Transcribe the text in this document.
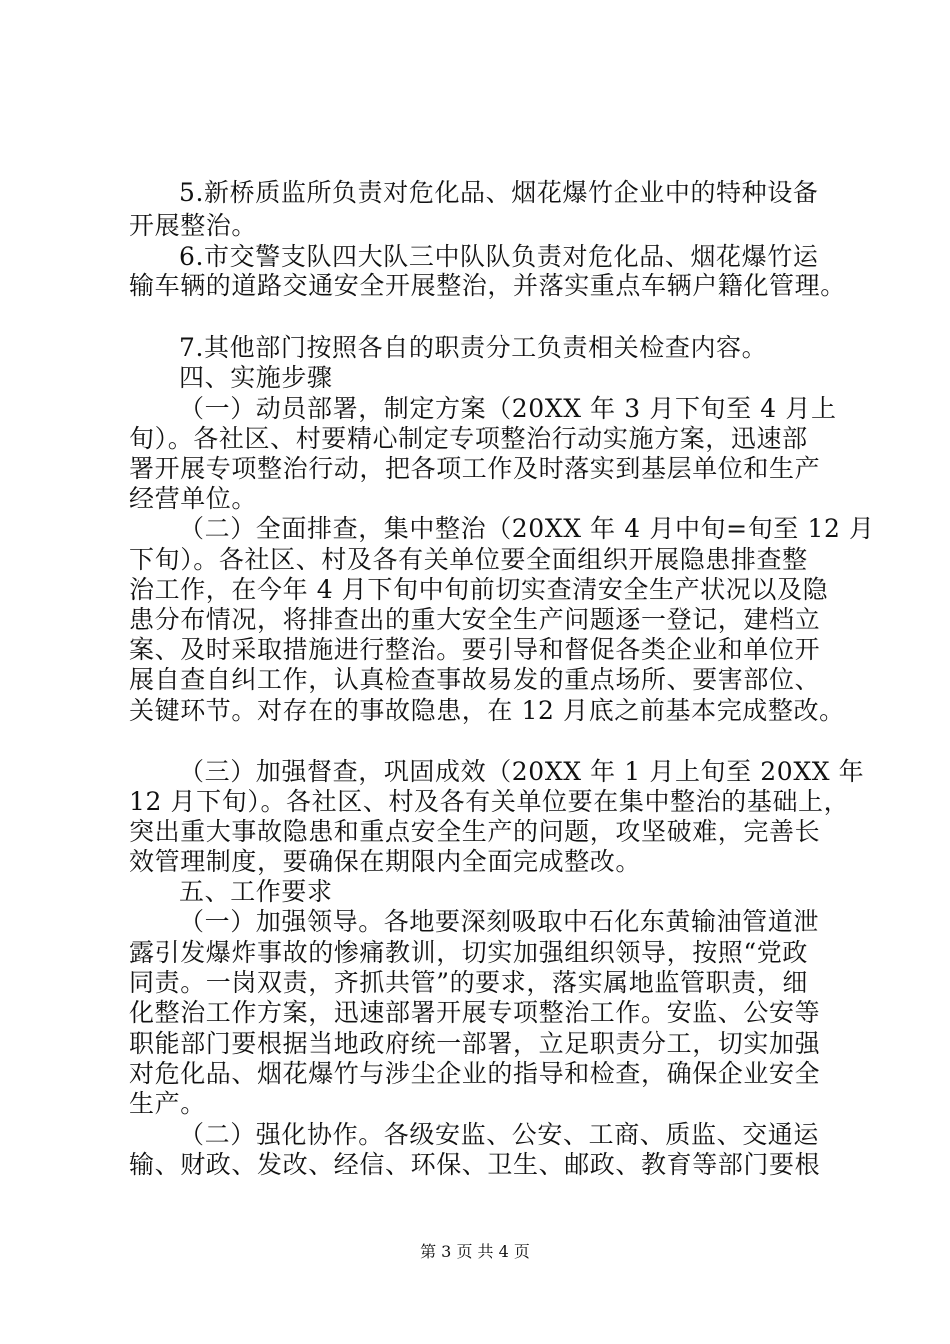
5.新桥质监所负责对危化品、烟花爆竹企业中的特种设备
开展整治。
6.市交警支队四大队三中队队负责对危化品、烟花爆竹运
输车辆的道路交通安全开展整治，并落实重点车辆户籍化管理。
7.其他部门按照各自的职责分工负责相关检查内容。
四、实施步骤
（一）动员部署，制定方案（20XX 年 3 月下旬至 4 月上
旬）。各社区、村要精心制定专项整治行动实施方案，迅速部
署开展专项整治行动，把各项工作及时落实到基层单位和生产
经营单位。
（二）全面排查，集中整治（20XX 年 4 月中旬=旬至 12 月
下旬）。各社区、村及各有关单位要全面组织开展隐患排查整
治工作，在今年 4 月下旬中旬前切实查清安全生产状况以及隐
患分布情况，将排查出的重大安全生产问题逐一登记，建档立
案、及时采取措施进行整治。要引导和督促各类企业和单位开
展自查自纠工作，认真检查事故易发的重点场所、要害部位、
关键环节。对存在的事故隐患，在 12 月底之前基本完成整改。
（三）加强督查，巩固成效（20XX 年 1 月上旬至 20XX 年
12 月下旬）。各社区、村及各有关单位要在集中整治的基础上，
突出重大事故隐患和重点安全生产的问题，攻坚破难，完善长
效管理制度，要确保在期限内全面完成整改。
五、工作要求
（一）加强领导。各地要深刻吸取中石化东黄输油管道泄
露引发爆炸事故的惨痛教训，切实加强组织领导，按照“党政
同责。一岗双责，齐抓共管”的要求，落实属地监管职责，细
化整治工作方案，迅速部署开展专项整治工作。安监、公安等
职能部门要根据当地政府统一部署，立足职责分工，切实加强
对危化品、烟花爆竹与涉尘企业的指导和检查，确保企业安全
生产。
（二）强化协作。各级安监、公安、工商、质监、交通运
输、财政、发改、经信、环保、卫生、邮政、教育等部门要根
第 3 页 共 4 页
